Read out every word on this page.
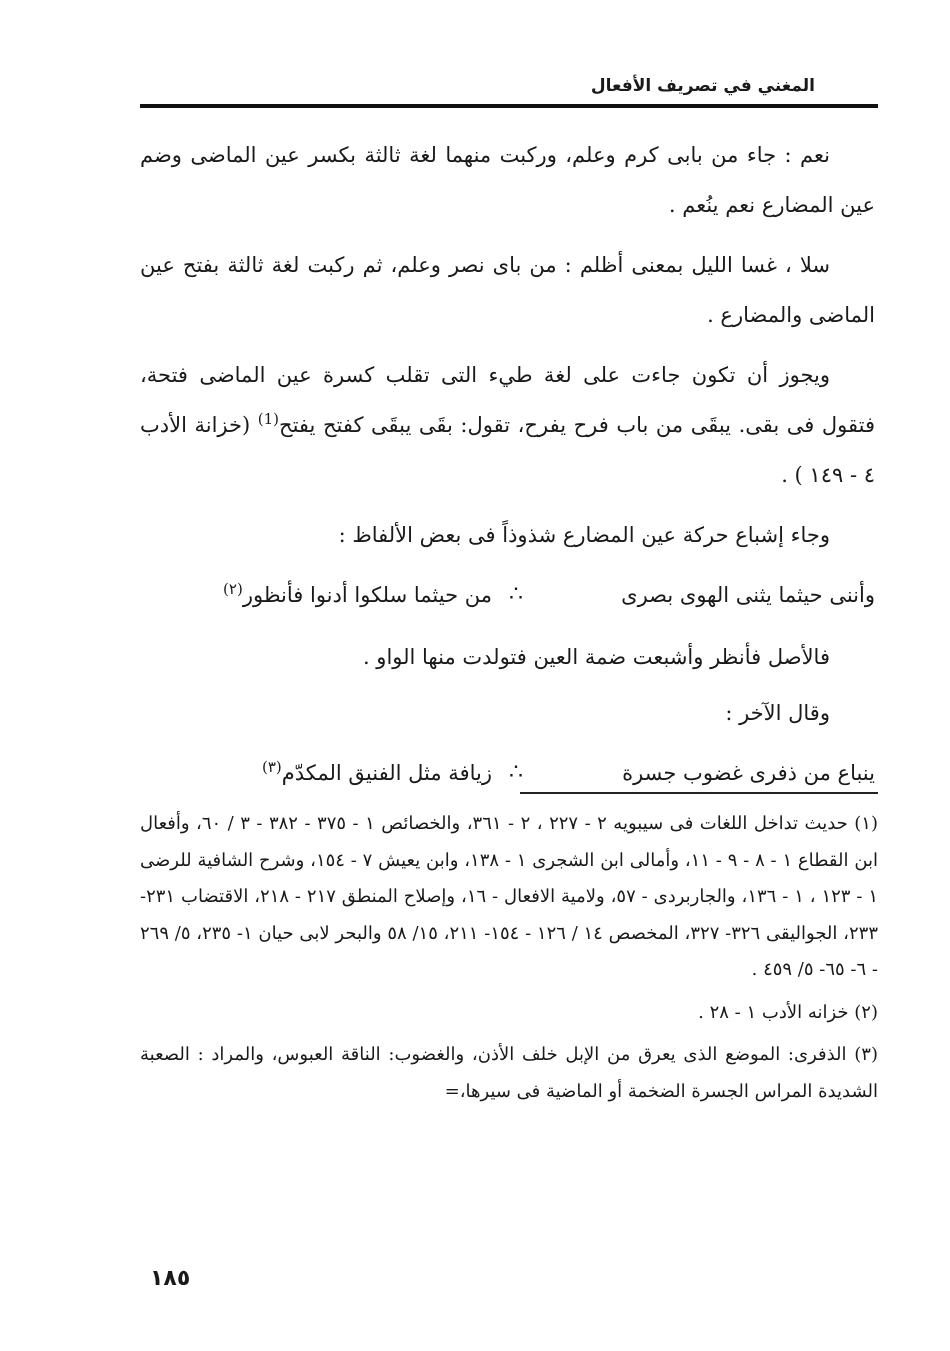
المغني في تصريف الأفعال

نعم : جاء من بابى كرم وعلم، وركبت منهما لغة ثالثة بكسر عين الماضى وضم عين المضارع نعم ينُعم .

سلا ، غسا الليل بمعنى أظلم : من باى نصر وعلم، ثم ركبت لغة ثالثة بفتح عين الماضى والمضارع .

ويجوز أن تكون جاءت على لغة طيء التى تقلب كسرة عين الماضى فتحة، فتقول فى بقى. يبقَى من باب فرح يفرح، تقول: بقَى يبقَى كفتح يفتح$^{(1)}$ (خزانة الأدب ٤ - ١٤٩ ) .

وجاء إشباع حركة عين المضارع شذوذاً فى بعض الألفاظ :

وأننى حيثما يثنى الهوى بصرى
∴
من حيثما سلكوا أدنوا فأنظور$^{(٢)}$

فالأصل فأنظر وأشبعت ضمة العين فتولدت منها الواو .

وقال الآخر :

ينباع من ذفرى غضوب جسرة
∴
زيافة مثل الفنيق المكدّم$^{(٣)}$

(١) حديث تداخل اللغات فى سيبويه ٢ - ٢٢٧ ، ٢ - ٣٦١، والخصائص ١ - ٣٧٥ - ٣٨٢ - ٣ / ٦٠، وأفعال ابن القطاع ١ - ٨ - ٩ - ١١، وأمالى ابن الشجرى ١ - ١٣٨، وابن يعيش ٧ - ١٥٤، وشرح الشافية للرضى ١ - ١٢٣ ، ١ - ١٣٦، والجاربردى - ٥٧، ولامية الافعال - ١٦، وإصلاح المنطق ٢١٧ - ٢١٨، الاقتضاب ٢٣١- ٢٣٣، الجواليقى ٣٢٦- ٣٢٧، المخصص ١٤ / ١٢٦ - ١٥٤- ٢١١، ١٥/ ٥٨ والبحر لابى حيان ١- ٢٣٥، ٥/ ٢٦٩ - ٦- ٦٥- ٥/ ٤٥٩ .

(٢) خزانه الأدب ١ - ٢٨ .

(٣) الذفرى: الموضع الذى يعرق من الإبل خلف الأذن، والغضوب: الناقة العبوس، والمراد : الصعبة الشديدة المراس الجسرة الضخمة أو الماضية فى سيرها،=

١٨٥
